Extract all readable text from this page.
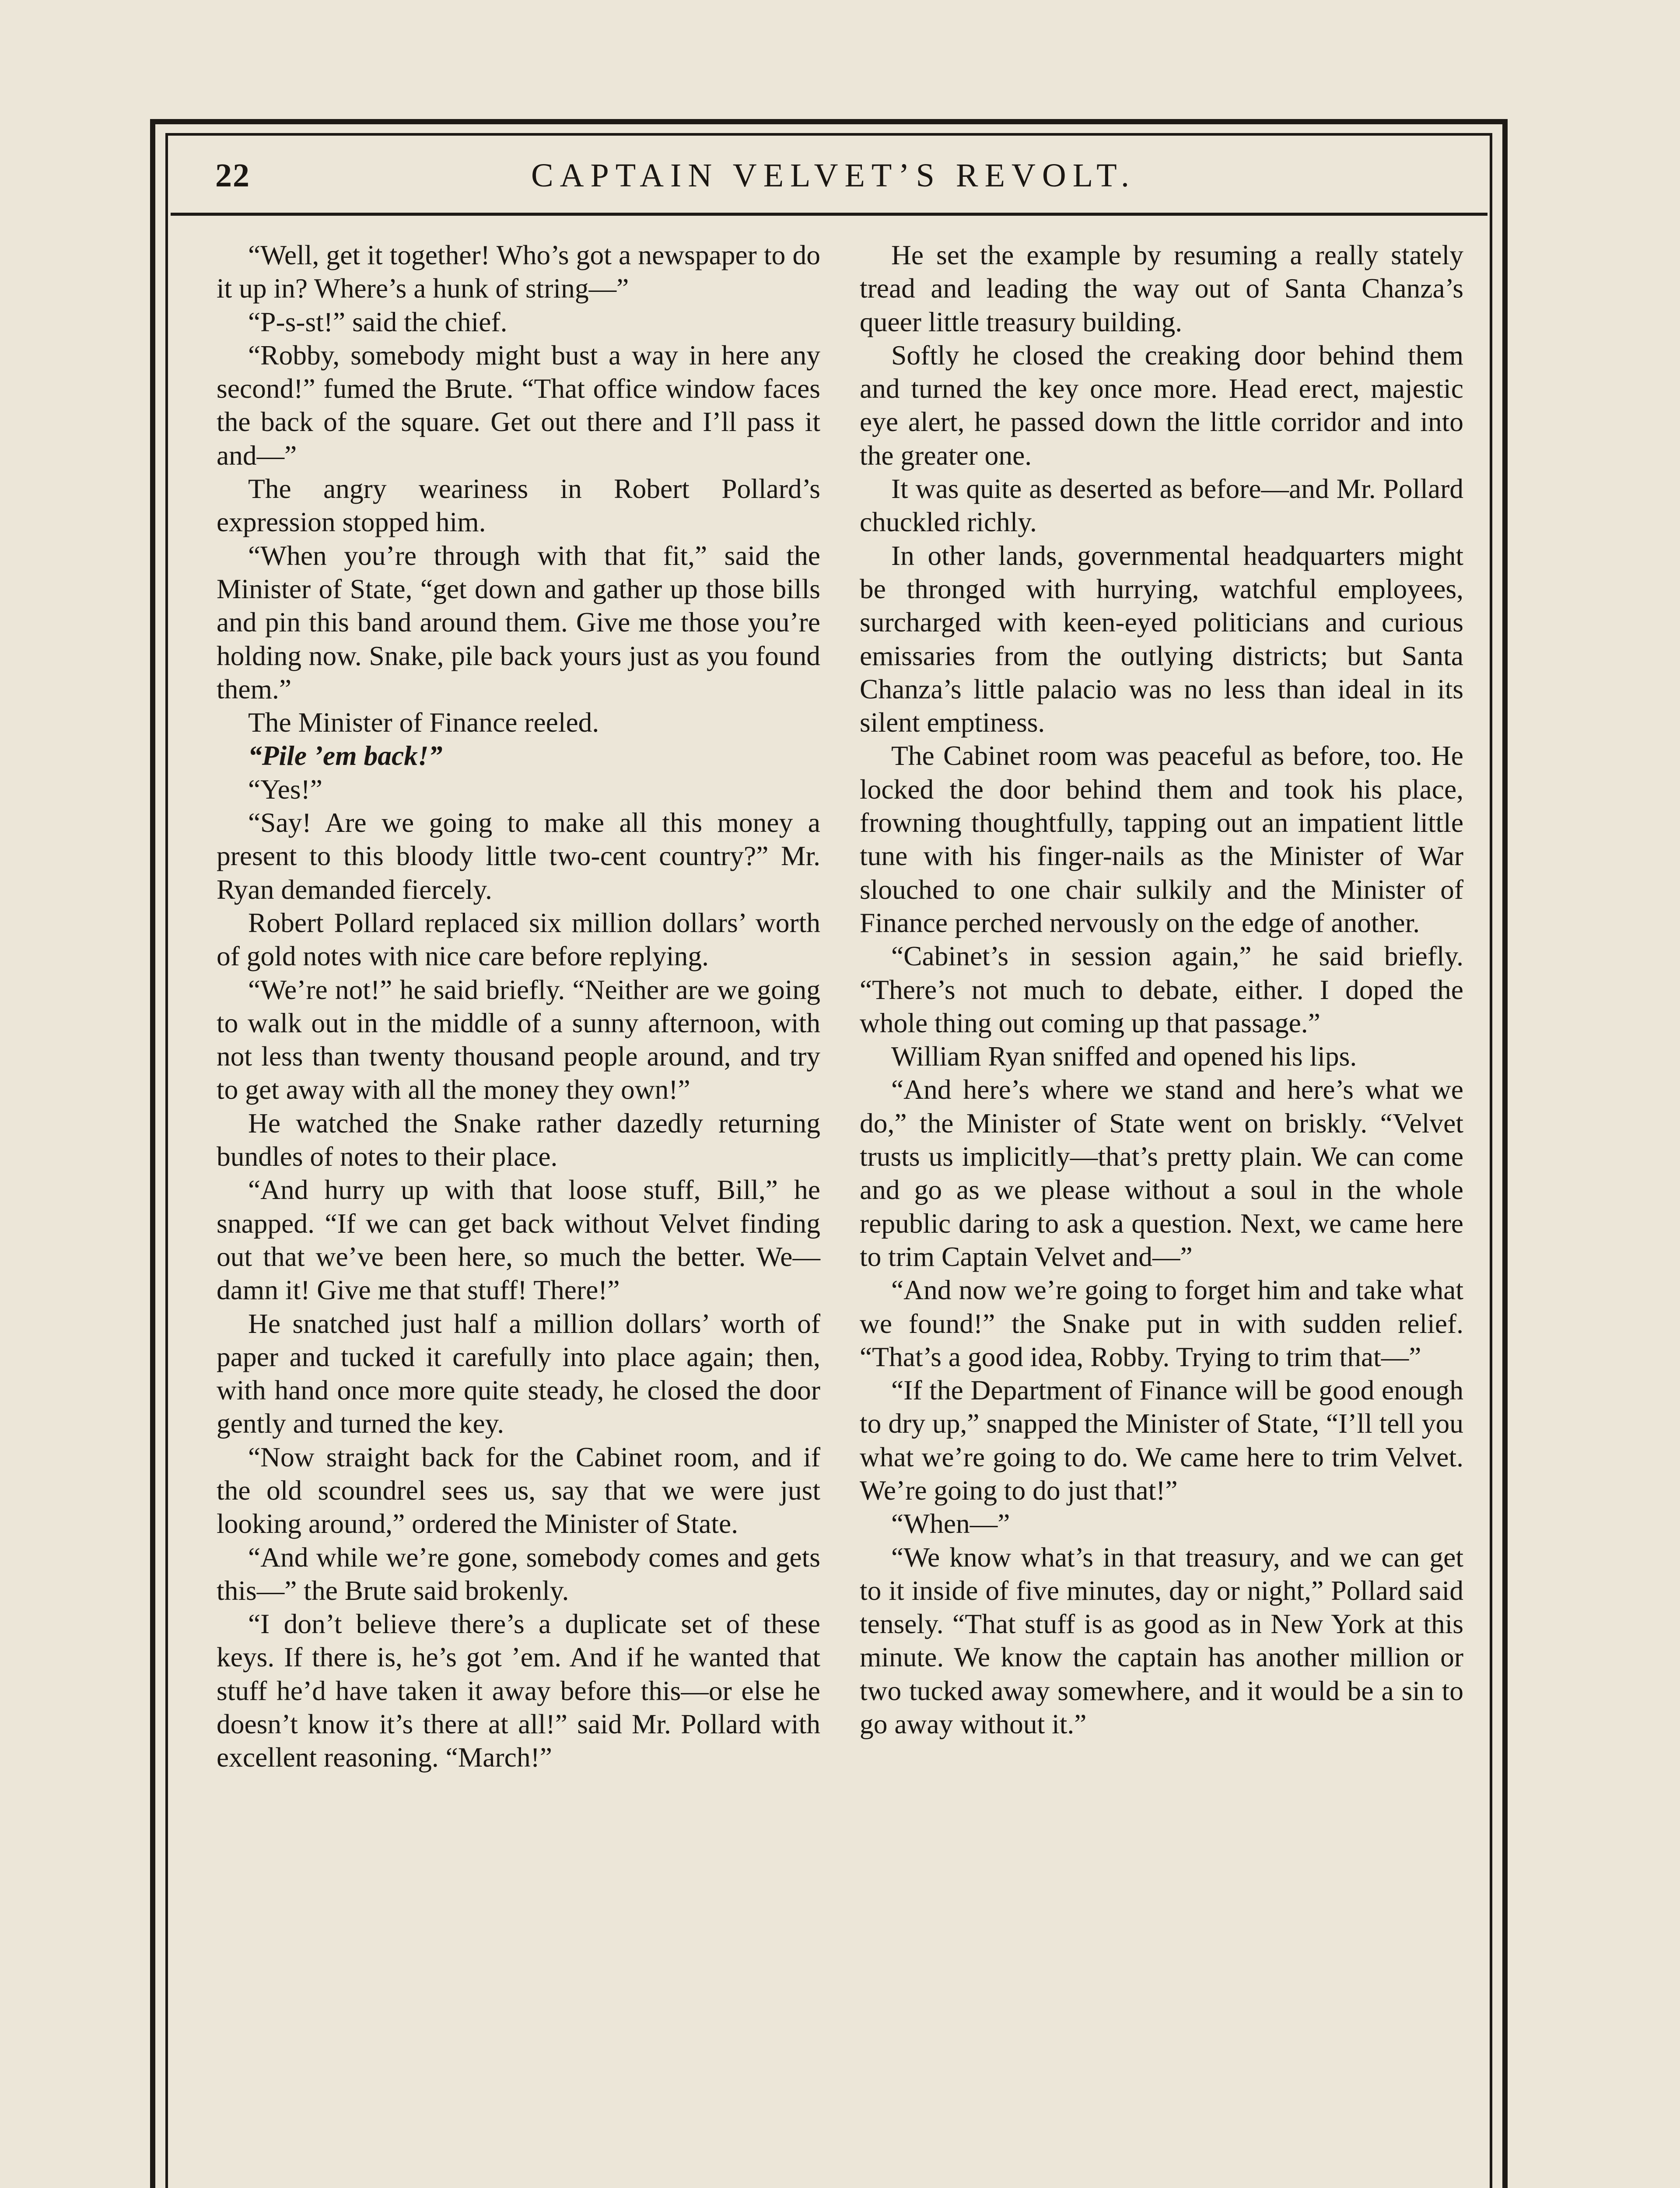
22	CAPTAIN VELVET’S REVOLT.

“Well, get it together! Who’s got a newspaper to do it up in? Where’s a hunk of string—”

“P-s-st!” said the chief.

“Robby, somebody might bust a way in here any second!” fumed the Brute. “That office window faces the back of the square. Get out there and I’ll pass it and—”

The angry weariness in Robert Pollard’s expression stopped him.

“When you’re through with that fit,” said the Minister of State, “get down and gather up those bills and pin this band around them. Give me those you’re holding now. Snake, pile back yours just as you found them.”

The Minister of Finance reeled.

“Pile ’em back!”

“Yes!”

“Say! Are we going to make all this money a present to this bloody little two-cent country?” Mr. Ryan demanded fiercely.

Robert Pollard replaced six million dollars’ worth of gold notes with nice care before replying.

“We’re not!” he said briefly. “Neither are we going to walk out in the middle of a sunny afternoon, with not less than twenty thousand people around, and try to get away with all the money they own!”

He watched the Snake rather dazedly returning bundles of notes to their place.

“And hurry up with that loose stuff, Bill,” he snapped. “If we can get back without Velvet finding out that we’ve been here, so much the better. We—damn it! Give me that stuff! There!”

He snatched just half a million dollars’ worth of paper and tucked it carefully into place again; then, with hand once more quite steady, he closed the door gently and turned the key.

“Now straight back for the Cabinet room, and if the old scoundrel sees us, say that we were just looking around,” ordered the Minister of State.

“And while we’re gone, somebody comes and gets this—” the Brute said brokenly.

“I don’t believe there’s a duplicate set of these keys. If there is, he’s got ’em. And if he wanted that stuff he’d have taken it away before this—or else he doesn’t know it’s there at all!” said Mr. Pollard with excellent reasoning. “March!”

He set the example by resuming a really stately tread and leading the way out of Santa Chanza’s queer little treasury building.

Softly he closed the creaking door behind them and turned the key once more. Head erect, majestic eye alert, he passed down the little corridor and into the greater one.

It was quite as deserted as before—and Mr. Pollard chuckled richly.

In other lands, governmental headquarters might be thronged with hurrying, watchful employees, surcharged with keen-eyed politicians and curious emissaries from the outlying districts; but Santa Chanza’s little palacio was no less than ideal in its silent emptiness.

The Cabinet room was peaceful as before, too. He locked the door behind them and took his place, frowning thoughtfully, tapping out an impatient little tune with his finger-nails as the Minister of War slouched to one chair sulkily and the Minister of Finance perched nervously on the edge of another.

“Cabinet’s in session again,” he said briefly. “There’s not much to debate, either. I doped the whole thing out coming up that passage.”

William Ryan sniffed and opened his lips.

“And here’s where we stand and here’s what we do,” the Minister of State went on briskly. “Velvet trusts us implicitly—that’s pretty plain. We can come and go as we please without a soul in the whole republic daring to ask a question. Next, we came here to trim Captain Velvet and—”

“And now we’re going to forget him and take what we found!” the Snake put in with sudden relief. “That’s a good idea, Robby. Trying to trim that—”

“If the Department of Finance will be good enough to dry up,” snapped the Minister of State, “I’ll tell you what we’re going to do. We came here to trim Velvet. We’re going to do just that!”

“When—”

“We know what’s in that treasury, and we can get to it inside of five minutes, day or night,” Pollard said tensely. “That stuff is as good as in New York at this minute. We know the captain has another million or two tucked away somewhere, and it would be a sin to go away without it.”
